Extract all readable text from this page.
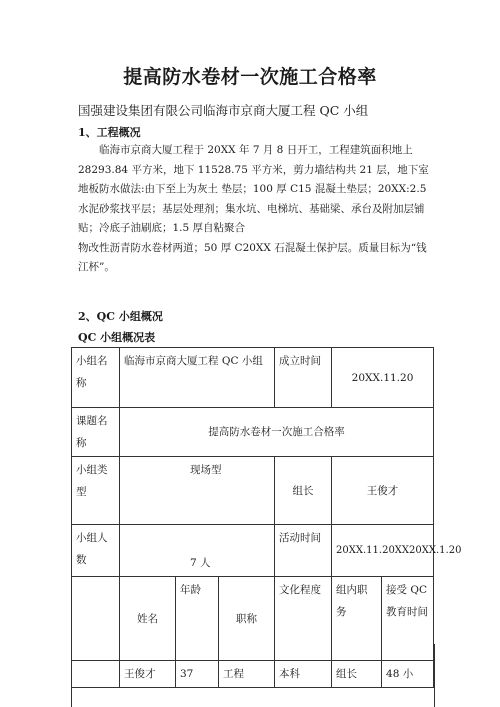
提高防水卷材一次施工合格率
国强建设集团有限公司临海市京商大厦工程 QC 小组
1、工程概况

临海市京商大厦工程于 20XX 年 7 月 8 日开工，工程建筑面积地上 28293.84 平方米，地下 11528.75 平方米，剪力墙结构共 21 层，地下室地板防水做法:由下至上为灰土 垫层；100 厚 C15 混凝土垫层；20XX:2.5 水泥砂浆找平层；基层处理剂；集水坑、电梯坑、基础梁、承台及附加层铺贴；冷底子油刷底；1.5 厚自粘聚合

物改性沥青防水卷材两道；50 厚 C20XX 石混凝土保护层。质量目标为“钱江杯”。

2、QC 小组概况
QC 小组概况表
小组名称	临海市京商大厦工程 QC 小组			成立时间	20XX.11.20	
课题名称	提高防水卷材一次施工合格率					
小组类型	现场型			组长	王俊才	
小组人数	7 人			活动时间	20XX.11.20XX20XX.1.20	
	姓名	年龄	职称	文化程度	组内职务	接受 QC 教育时间
	王俊才	37	工程	本科	组长	48 小
